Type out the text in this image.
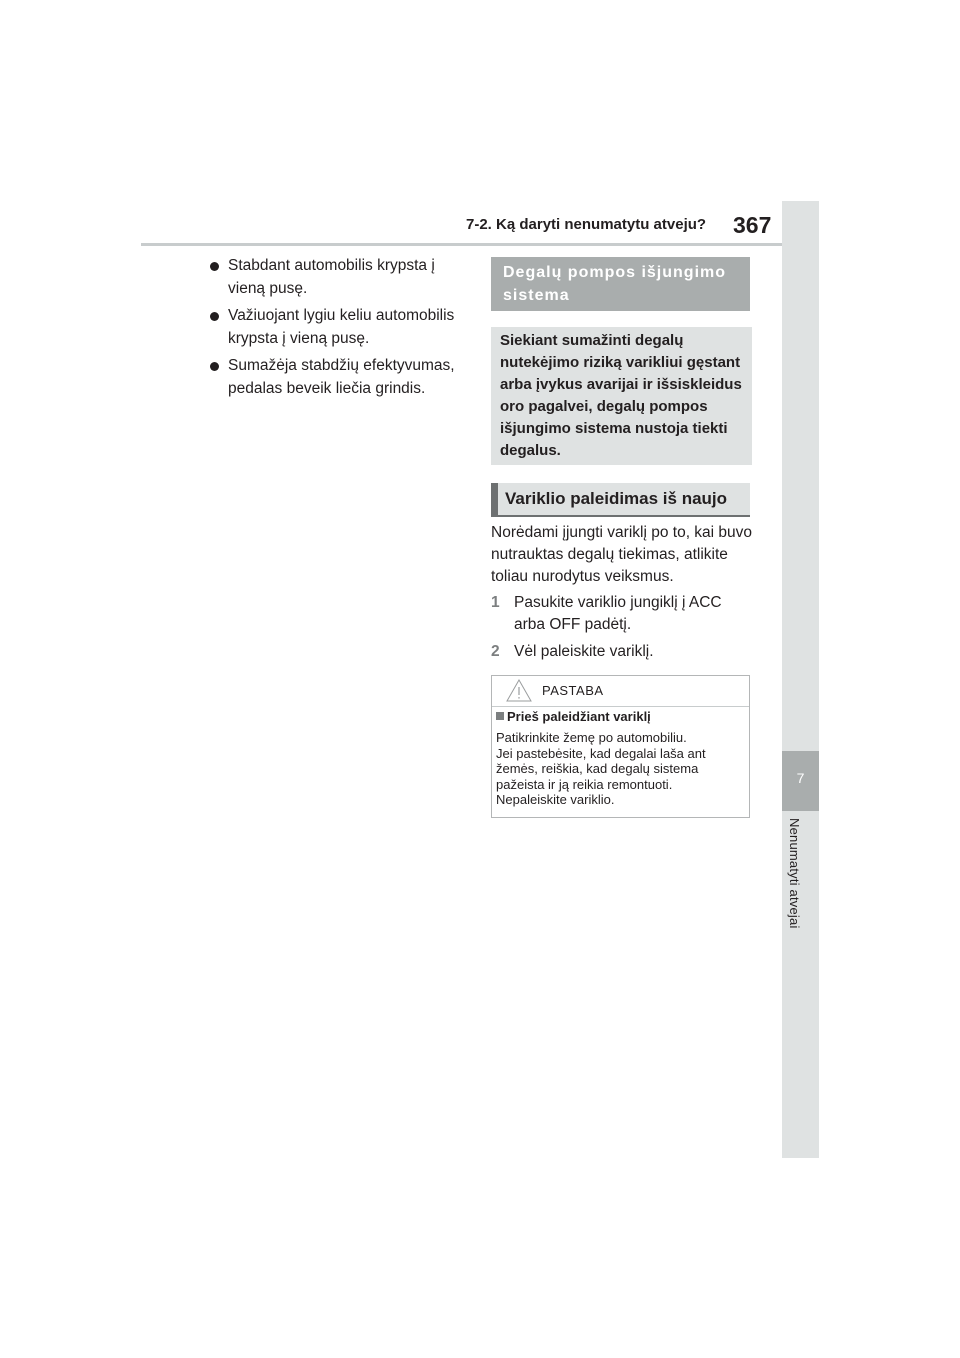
7-2. Ką daryti nenumatytu atveju? 367
7
Nenumatyti atvejai
Stabdant automobilis krypsta į vieną pusę.
Važiuojant lygiu keliu automobilis krypsta į vieną pusę.
Sumažėja stabdžių efektyvumas, pedalas beveik liečia grindis.
Degalų pompos išjungimo sistema
Siekiant sumažinti degalų nutekėjimo riziką varikliui gęstant arba įvykus avarijai ir išsiskleidus oro pagalvei, degalų pompos išjungimo sistema nustoja tiekti degalus.
Variklio paleidimas iš naujo
Norėdami įjungti variklį po to, kai buvo nutrauktas degalų tiekimas, atlikite toliau nurodytus veiksmus.
1 Pasukite variklio jungiklį į ACC arba OFF padėtį.
2 Vėl paleiskite variklį.
PASTABA
Prieš paleidžiant variklį
Patikrinkite žemę po automobiliu.
Jei pastebėsite, kad degalai laša ant
žemės, reiškia, kad degalų sistema
pažeista ir ją reikia remontuoti.
Nepaleiskite variklio.
